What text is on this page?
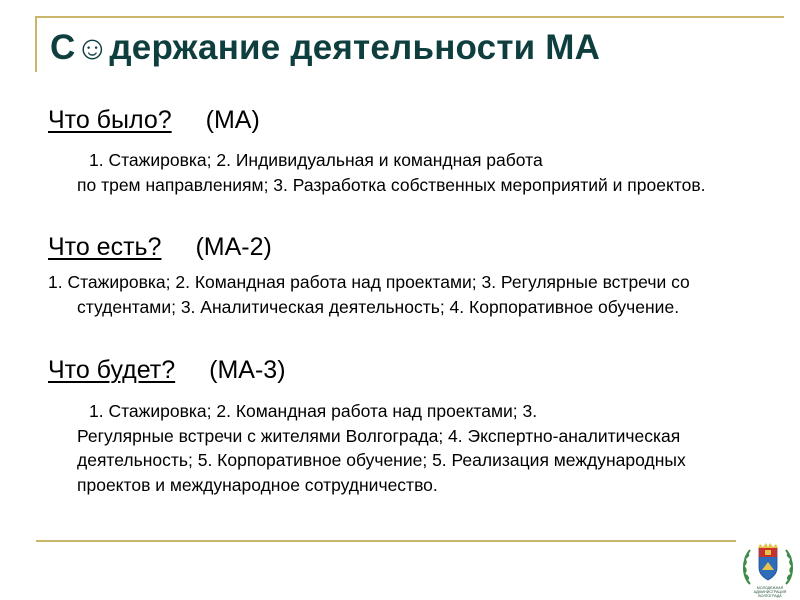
С☺держание деятельности МА
Что было? (МА)
1. Стажировка; 2. Индивидуальная и командная работа
по трем направлениям; 3. Разработка собственных мероприятий и проектов.
Что есть? (МА-2)
1. Стажировка; 2. Командная работа над проектами; 3. Регулярные встречи со студентами; 3. Аналитическая деятельность; 4. Корпоративное обучение.
Что будет? (МА-3)
1. Стажировка; 2. Командная работа над проектами; 3.
Регулярные встречи с жителями Волгограда; 4. Экспертно-аналитическая деятельность; 5. Корпоративное обучение; 5. Реализация международных проектов и международное сотрудничество.
МОЛОДЕЖНАЯ АДМИНИСТРАЦИЯ ВОЛГОГРАДА
